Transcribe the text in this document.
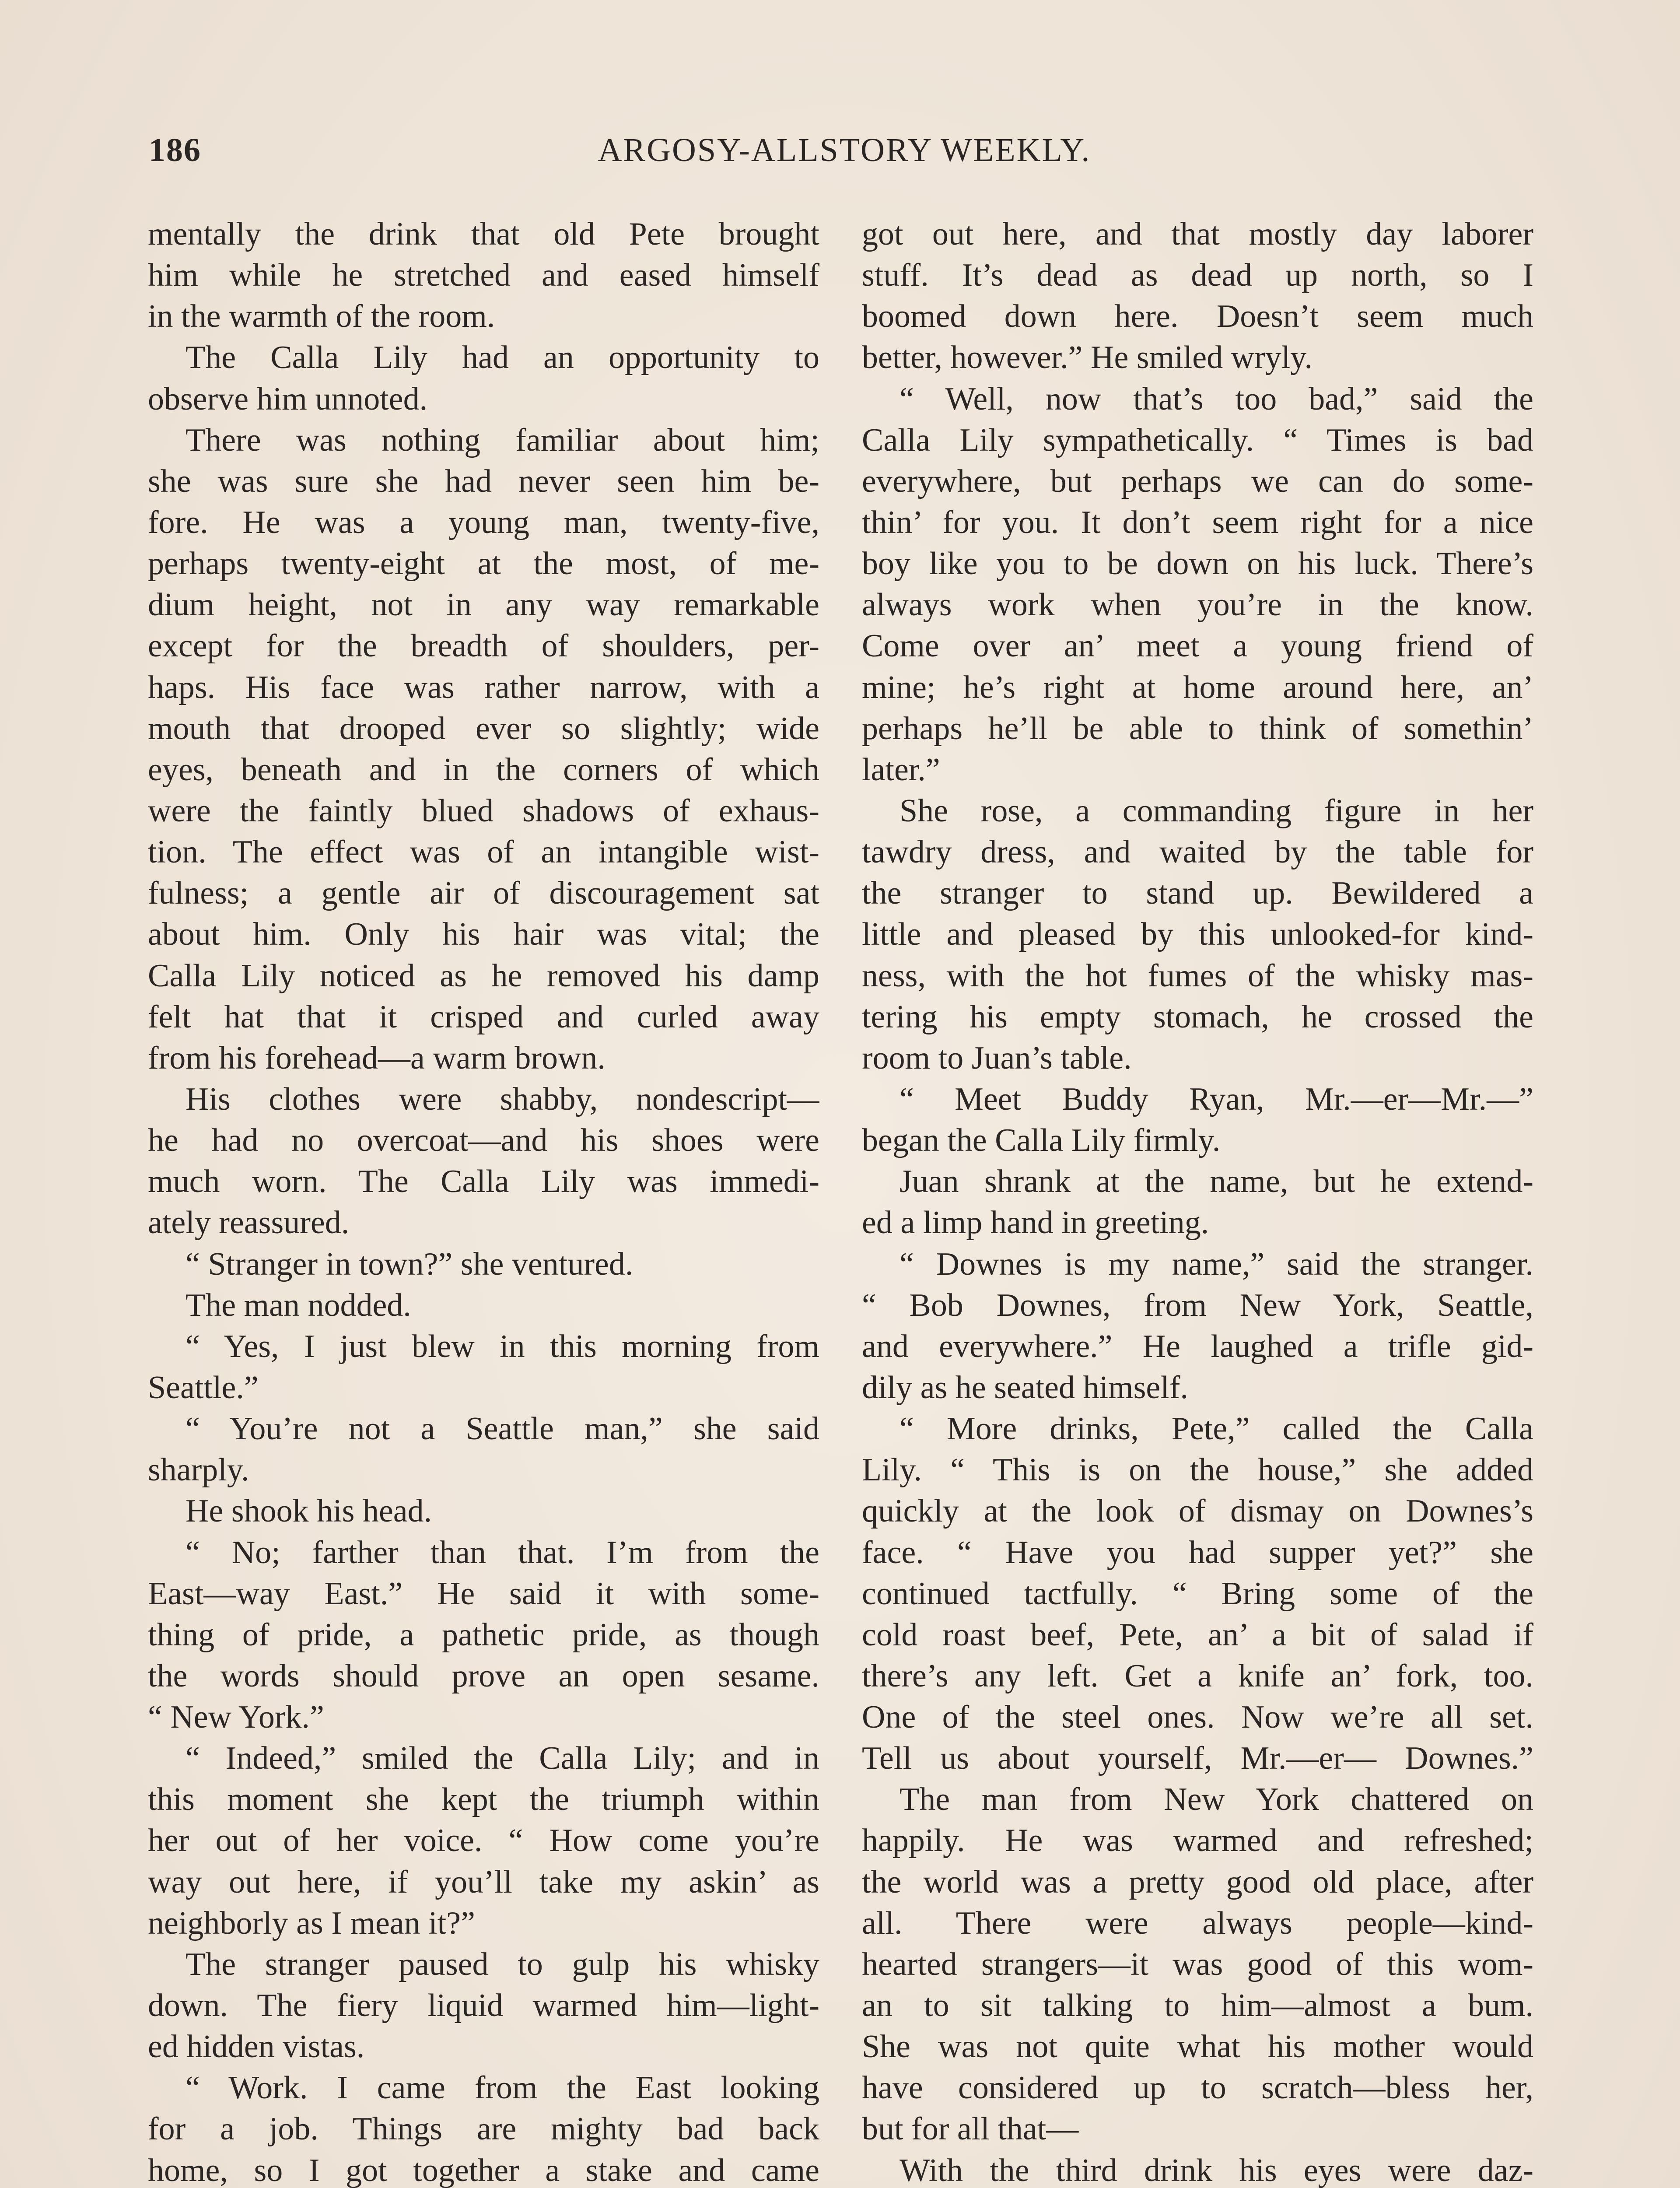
186	ARGOSY-ALLSTORY WEEKLY.
mentally the drink that old Pete brought
him while he stretched and eased himself
in the warmth of the room.
The Calla Lily had an opportunity to
observe him unnoted.
There was nothing familiar about him;
she was sure she had never seen him be-
fore. He was a young man, twenty-five,
perhaps twenty-eight at the most, of me-
dium height, not in any way remarkable
except for the breadth of shoulders, per-
haps. His face was rather narrow, with a
mouth that drooped ever so slightly; wide
eyes, beneath and in the corners of which
were the faintly blued shadows of exhaus-
tion. The effect was of an intangible wist-
fulness; a gentle air of discouragement sat
about him. Only his hair was vital; the
Calla Lily noticed as he removed his damp
felt hat that it crisped and curled away
from his forehead—a warm brown.
His clothes were shabby, nondescript—
he had no overcoat—and his shoes were
much worn. The Calla Lily was immedi-
ately reassured.
“ Stranger in town?” she ventured.
The man nodded.
“ Yes, I just blew in this morning from
Seattle.”
“ You’re not a Seattle man,” she said
sharply.
He shook his head.
“ No; farther than that. I’m from the
East—way East.” He said it with some-
thing of pride, a pathetic pride, as though
the words should prove an open sesame.
“ New York.”
“ Indeed,” smiled the Calla Lily; and in
this moment she kept the triumph within
her out of her voice. “ How come you’re
way out here, if you’ll take my askin’ as
neighborly as I mean it?”
The stranger paused to gulp his whisky
down. The fiery liquid warmed him—light-
ed hidden vistas.
“ Work. I came from the East looking
for a job. Things are mighty bad back
home, so I got together a stake and came
got out here, and that mostly day laborer
stuff. It’s dead as dead up north, so I
boomed down here. Doesn’t seem much
better, however.” He smiled wryly.
“ Well, now that’s too bad,” said the
Calla Lily sympathetically. “ Times is bad
everywhere, but perhaps we can do some-
thin’ for you. It don’t seem right for a nice
boy like you to be down on his luck. There’s
always work when you’re in the know.
Come over an’ meet a young friend of
mine; he’s right at home around here, an’
perhaps he’ll be able to think of somethin’
later.”
She rose, a commanding figure in her
tawdry dress, and waited by the table for
the stranger to stand up. Bewildered a
little and pleased by this unlooked-for kind-
ness, with the hot fumes of the whisky mas-
tering his empty stomach, he crossed the
room to Juan’s table.
“ Meet Buddy Ryan, Mr.—er—Mr.—”
began the Calla Lily firmly.
Juan shrank at the name, but he extend-
ed a limp hand in greeting.
“ Downes is my name,” said the stranger.
“ Bob Downes, from New York, Seattle,
and everywhere.” He laughed a trifle gid-
dily as he seated himself.
“ More drinks, Pete,” called the Calla
Lily. “ This is on the house,” she added
quickly at the look of dismay on Downes’s
face. “ Have you had supper yet?” she
continued tactfully. “ Bring some of the
cold roast beef, Pete, an’ a bit of salad if
there’s any left. Get a knife an’ fork, too.
One of the steel ones. Now we’re all set.
Tell us about yourself, Mr.—er— Downes.”
The man from New York chattered on
happily. He was warmed and refreshed;
the world was a pretty good old place, after
all. There were always people—kind-
hearted strangers—it was good of this wom-
an to sit talking to him—almost a bum.
She was not quite what his mother would
have considered up to scratch—bless her,
but for all that—
With the third drink his eyes were daz-
